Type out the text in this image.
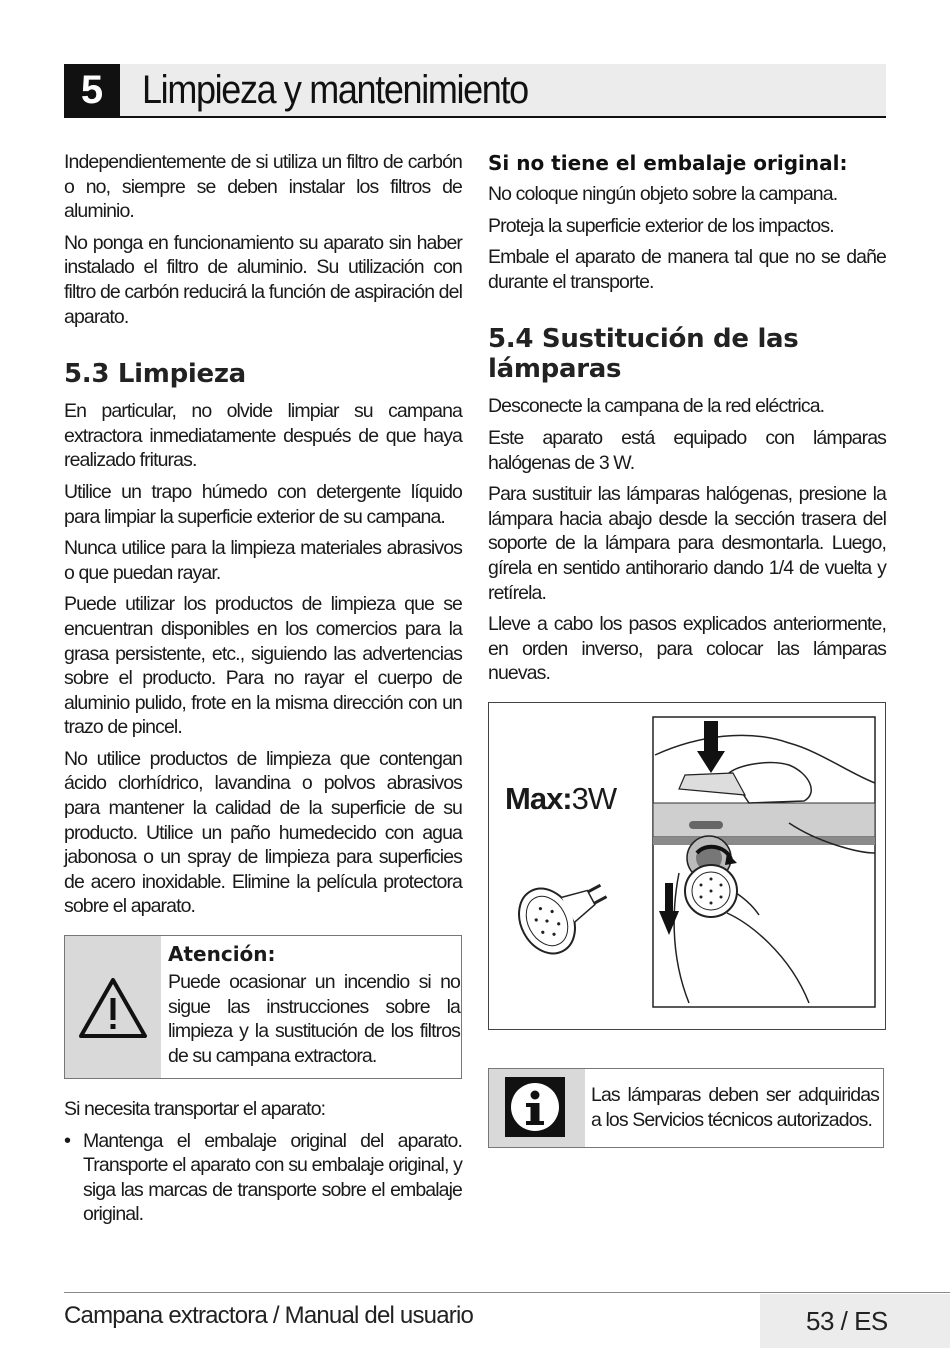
5 Limpieza y mantenimiento

Independientemente de si utiliza un filtro de carbón o no, siempre se deben instalar los filtros de aluminio.

No ponga en funcionamiento su aparato sin haber instalado el filtro de aluminio. Su utilización con filtro de carbón reducirá la función de aspiración del aparato.

5.3 Limpieza

En particular, no olvide limpiar su campana extractora inmediatamente después de que haya realizado frituras.

Utilice un trapo húmedo con detergente líquido para limpiar la superficie exterior de su campana.

Nunca utilice para la limpieza materiales abrasivos o que puedan rayar.

Puede utilizar los productos de limpieza que se encuentran disponibles en los comercios para la grasa persistente, etc., siguiendo las advertencias sobre el producto. Para no rayar el cuerpo de aluminio pulido, frote en la misma dirección con un trazo de pincel.

No utilice productos de limpieza que contengan ácido clorhídrico, lavandina o polvos abrasivos para mantener la calidad de la superficie de su producto. Utilice un paño humedecido con agua jabonosa o un spray de limpieza para superficies de acero inoxidable. Elimine la película protectora sobre el aparato.

Atención:

Puede ocasionar un incendio si no sigue las instrucciones sobre la limpieza y la sustitución de los filtros de su campana extractora.

Si necesita transportar el aparato:

• Mantenga el embalaje original del aparato. Transporte el aparato con su embalaje original, y siga las marcas de transporte sobre el embalaje original.

Si no tiene el embalaje original:

No coloque ningún objeto sobre la campana.

Proteja la superficie exterior de los impactos.

Embale el aparato de manera tal que no se dañe durante el transporte.

5.4 Sustitución de las lámparas

Desconecte la campana de la red eléctrica.

Este aparato está equipado con lámparas halógenas de 3 W.

Para sustituir las lámparas halógenas, presione la lámpara hacia abajo desde la sección trasera del soporte de la lámpara para desmontarla. Luego, gírela en sentido antihorario dando 1/4 de vuelta y retírela.

Lleve a cabo los pasos explicados anteriormente, en orden inverso, para colocar las lámparas nuevas.

Max:3W

Las lámparas deben ser adquiridas a los Servicios técnicos autorizados.

Campana extractora / Manual del usuario	53 / ES
